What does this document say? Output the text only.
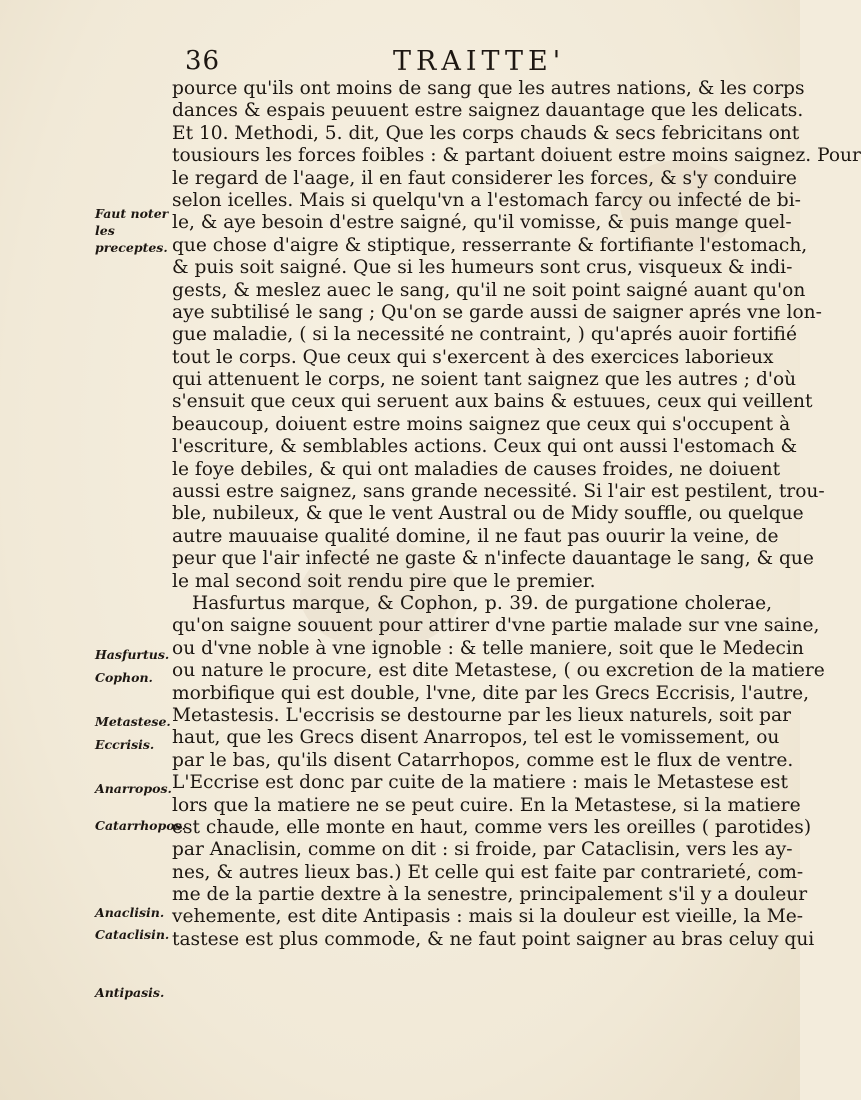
36	TRAITTE'
pource qu'ils ont moins de sang que les autres nations, & les corps
dances & espais peuuent estre saignez dauantage que les delicats.
Et 10. Methodi, 5. dit, Que les corps chauds & secs febricitans ont
tousiours les forces foibles : & partant doiuent estre moins saignez. Pour
le regard de l'aage, il en faut considerer les forces, & s'y conduire
selon icelles. Mais si quelqu'vn a l'estomach farcy ou infecté de bi-
le, & aye besoin d'estre saigné, qu'il vomisse, & puis mange quel-
que chose d'aigre & stiptique, resserrante & fortifiante l'estomach,
& puis soit saigné. Que si les humeurs sont crus, visqueux & indi-
gests, & meslez auec le sang, qu'il ne soit point saigné auant qu'on
aye subtilisé le sang ; Qu'on se garde aussi de saigner aprés vne lon-
gue maladie, ( si la necessité ne contraint, ) qu'aprés auoir fortifié
tout le corps. Que ceux qui s'exercent à des exercices laborieux
qui attenuent le corps, ne soient tant saignez que les autres ; d'où
s'ensuit que ceux qui seruent aux bains & estuues, ceux qui veillent
beaucoup, doiuent estre moins saignez que ceux qui s'occupent à
l'escriture, & semblables actions. Ceux qui ont aussi l'estomach &
le foye debiles, & qui ont maladies de causes froides, ne doiuent
aussi estre saignez, sans grande necessité. Si l'air est pestilent, trou-
ble, nubileux, & que le vent Austral ou de Midy souffle, ou quelque
autre mauuaise qualité domine, il ne faut pas ouurir la veine, de
peur que l'air infecté ne gaste & n'infecte dauantage le sang, & que
le mal second soit rendu pire que le premier.
Hasfurtus marque, & Cophon, p. 39. de purgatione cholerae,
qu'on saigne souuent pour attirer d'vne partie malade sur vne saine,
ou d'vne noble à vne ignoble : & telle maniere, soit que le Medecin
ou nature le procure, est dite Metastese, ( ou excretion de la matiere
morbifique qui est double, l'vne, dite par les Grecs Eccrisis, l'autre,
Metastesis. L'eccrisis se destourne par les lieux naturels, soit par
haut, que les Grecs disent Anarropos, tel est le vomissement, ou
par le bas, qu'ils disent Catarrhopos, comme est le flux de ventre.
L'Eccrise est donc par cuite de la matiere : mais le Metastese est
lors que la matiere ne se peut cuire. En la Metastese, si la matiere
est chaude, elle monte en haut, comme vers les oreilles ( parotides)
par Anaclisin, comme on dit : si froide, par Cataclisin, vers les ay-
nes, & autres lieux bas.) Et celle qui est faite par contrarieté, com-
me de la partie dextre à la senestre, principalement s'il y a douleur
vehemente, est dite Antipasis : mais si la douleur est vieille, la Me-
tastese est plus commode, & ne faut point saigner au bras celuy qui
Faut noter les preceptes.
Hasfurtus.
Cophon.
Metastese.
Eccrisis.
Anarropos.
Catarrhopos.
Anaclisin.
Cataclisin.
Antipasis.
